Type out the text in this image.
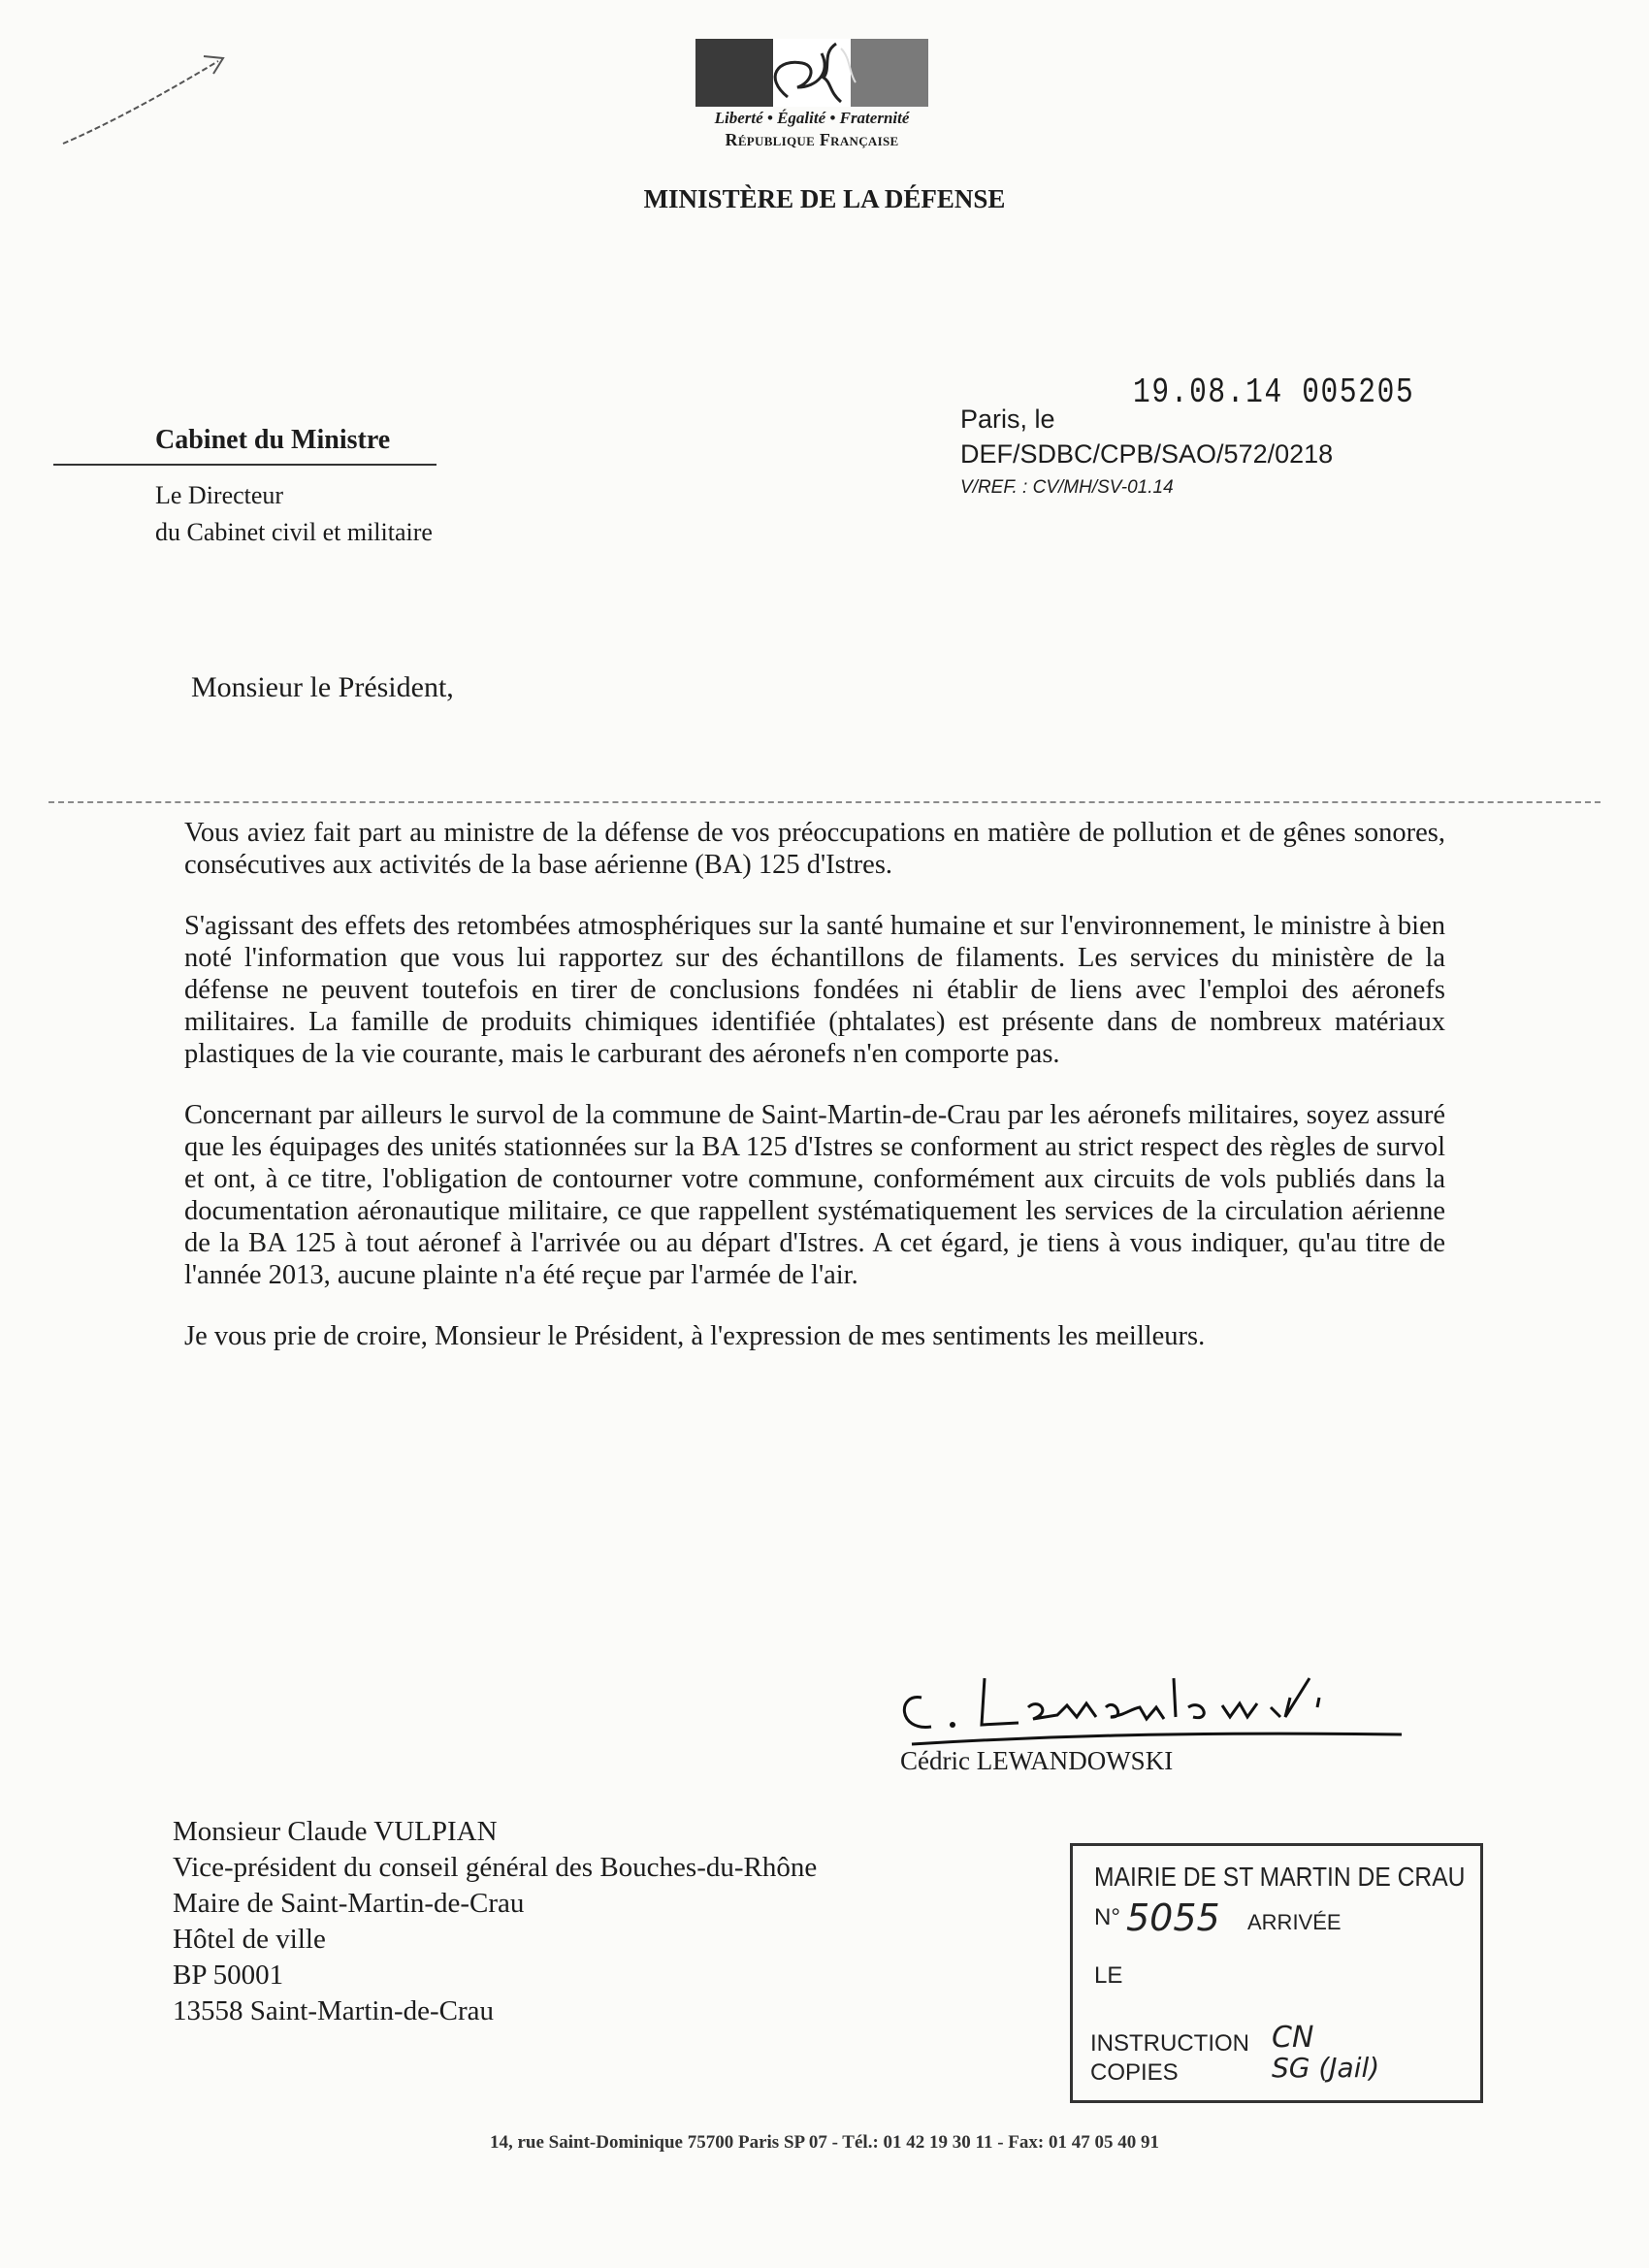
Liberté • Égalité • Fraternité
République Française
MINISTÈRE DE LA DÉFENSE
Cabinet du Ministre
Le Directeur
du Cabinet civil et militaire
19.08.14 005205
Paris, le
DEF/SDBC/CPB/SAO/572/0218
V/REF. : CV/MH/SV-01.14
Monsieur le Président,

Vous aviez fait part au ministre de la défense de vos préoccupations en matière de pollution et de gênes sonores, consécutives aux activités de la base aérienne (BA) 125 d'Istres.

S'agissant des effets des retombées atmosphériques sur la santé humaine et sur l'environnement, le ministre à bien noté l'information que vous lui rapportez sur des échantillons de filaments. Les services du ministère de la défense ne peuvent toutefois en tirer de conclusions fondées ni établir de liens avec l'emploi des aéronefs militaires. La famille de produits chimiques identifiée (phtalates) est présente dans de nombreux matériaux plastiques de la vie courante, mais le carburant des aéronefs n'en comporte pas.

Concernant par ailleurs le survol de la commune de Saint-Martin-de-Crau par les aéronefs militaires, soyez assuré que les équipages des unités stationnées sur la BA 125 d'Istres se conforment au strict respect des règles de survol et ont, à ce titre, l'obligation de contourner votre commune, conformément aux circuits de vols publiés dans la documentation aéronautique militaire, ce que rappellent systématiquement les services de la circulation aérienne de la BA 125 à tout aéronef à l'arrivée ou au départ d'Istres. A cet égard, je tiens à vous indiquer, qu'au titre de l'année 2013, aucune plainte n'a été reçue par l'armée de l'air.

Je vous prie de croire, Monsieur le Président, à l'expression de mes sentiments les meilleurs.

Cédric LEWANDOWSKI
Monsieur Claude VULPIAN
Vice-président du conseil général des Bouches-du-Rhône
Maire de Saint-Martin-de-Crau
Hôtel de ville
BP 50001
13558 Saint-Martin-de-Crau
MAIRIE DE ST MARTIN DE CRAU
N° 5055 ARRIVÉE
LE
INSTRUCTION
COPIES
CN
SG (Jail)
14, rue Saint-Dominique 75700 Paris SP 07 - Tél.: 01 42 19 30 11 - Fax: 01 47 05 40 91
